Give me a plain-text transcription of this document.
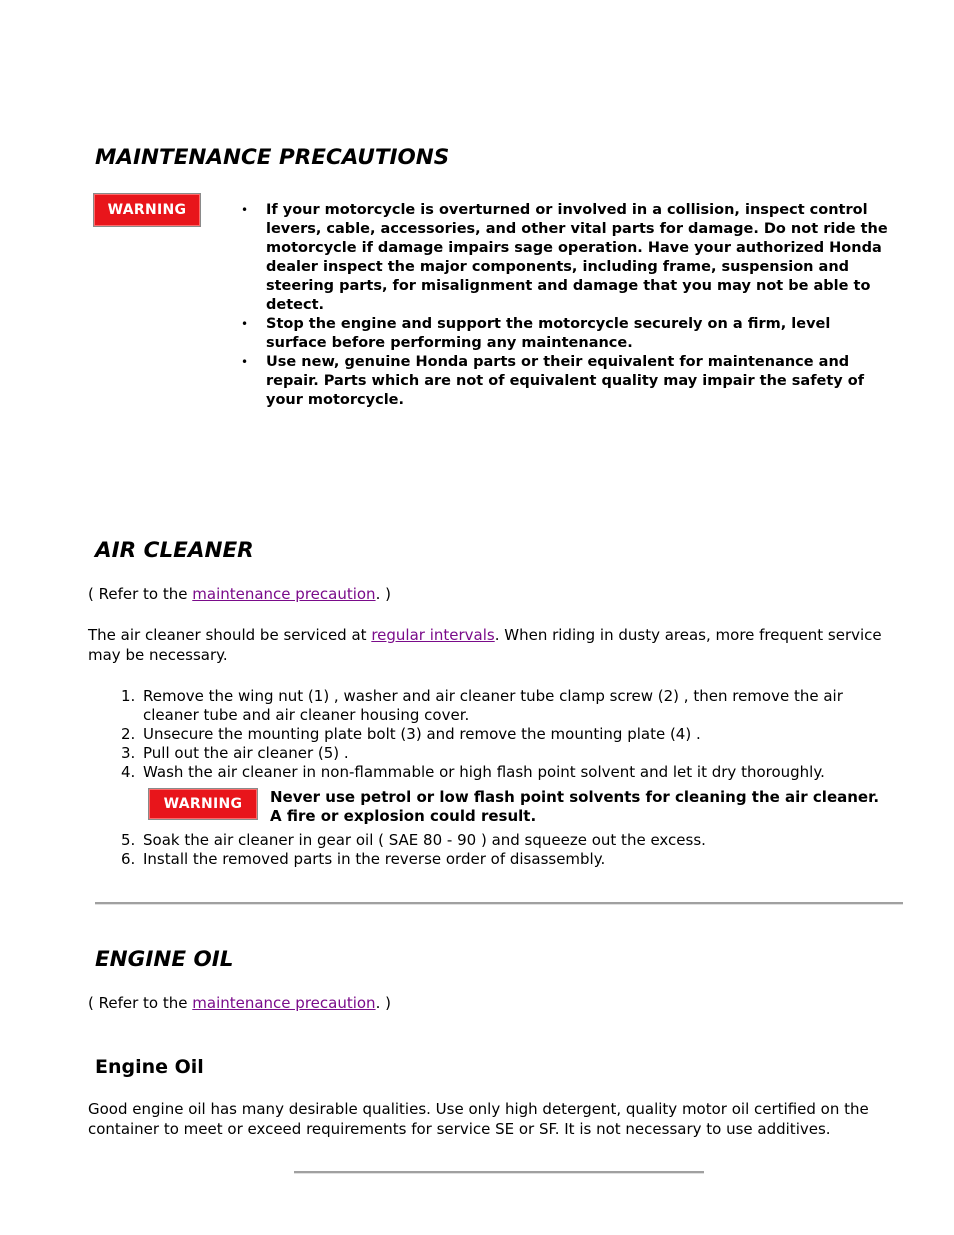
MAINTENANCE PRECAUTIONS
WARNING
•	If your motorcycle is overturned or involved in a collision, inspect control levers, cable, accessories, and other vital parts for damage. Do not ride the motorcycle if damage impairs sage operation. Have your authorized Honda dealer inspect the major components, including frame, suspension and steering parts, for misalignment and damage that you may not be able to detect.
• Stop the engine and support the motorcycle securely on a firm, level surface before performing any maintenance.
• Use new, genuine Honda parts or their equivalent for maintenance and repair. Parts which are not of equivalent quality may impair the safety of your motorcycle.
AIR CLEANER

( Refer to the maintenance precaution. )

The air cleaner should be serviced at regular intervals. When riding in dusty areas, more frequent service may be necessary.

1. Remove the wing nut (1) , washer and air cleaner tube clamp screw (2) , then remove the air cleaner tube and air cleaner housing cover.
2. Unsecure the mounting plate bolt (3) and remove the mounting plate (4) .
3. Pull out the air cleaner (5) .
4. Wash the air cleaner in non-flammable or high flash point solvent and let it dry thoroughly.
WARNING	Never use petrol or low flash point solvents for cleaning the air cleaner.
A fire or explosion could result.
5. Soak the air cleaner in gear oil ( SAE 80 - 90 ) and squeeze out the excess.
6. Install the removed parts in the reverse order of disassembly.
ENGINE OIL

( Refer to the maintenance precaution. )

Engine Oil

Good engine oil has many desirable qualities. Use only high detergent, quality motor oil certified on the container to meet or exceed requirements for service SE or SF. It is not necessary to use additives.
